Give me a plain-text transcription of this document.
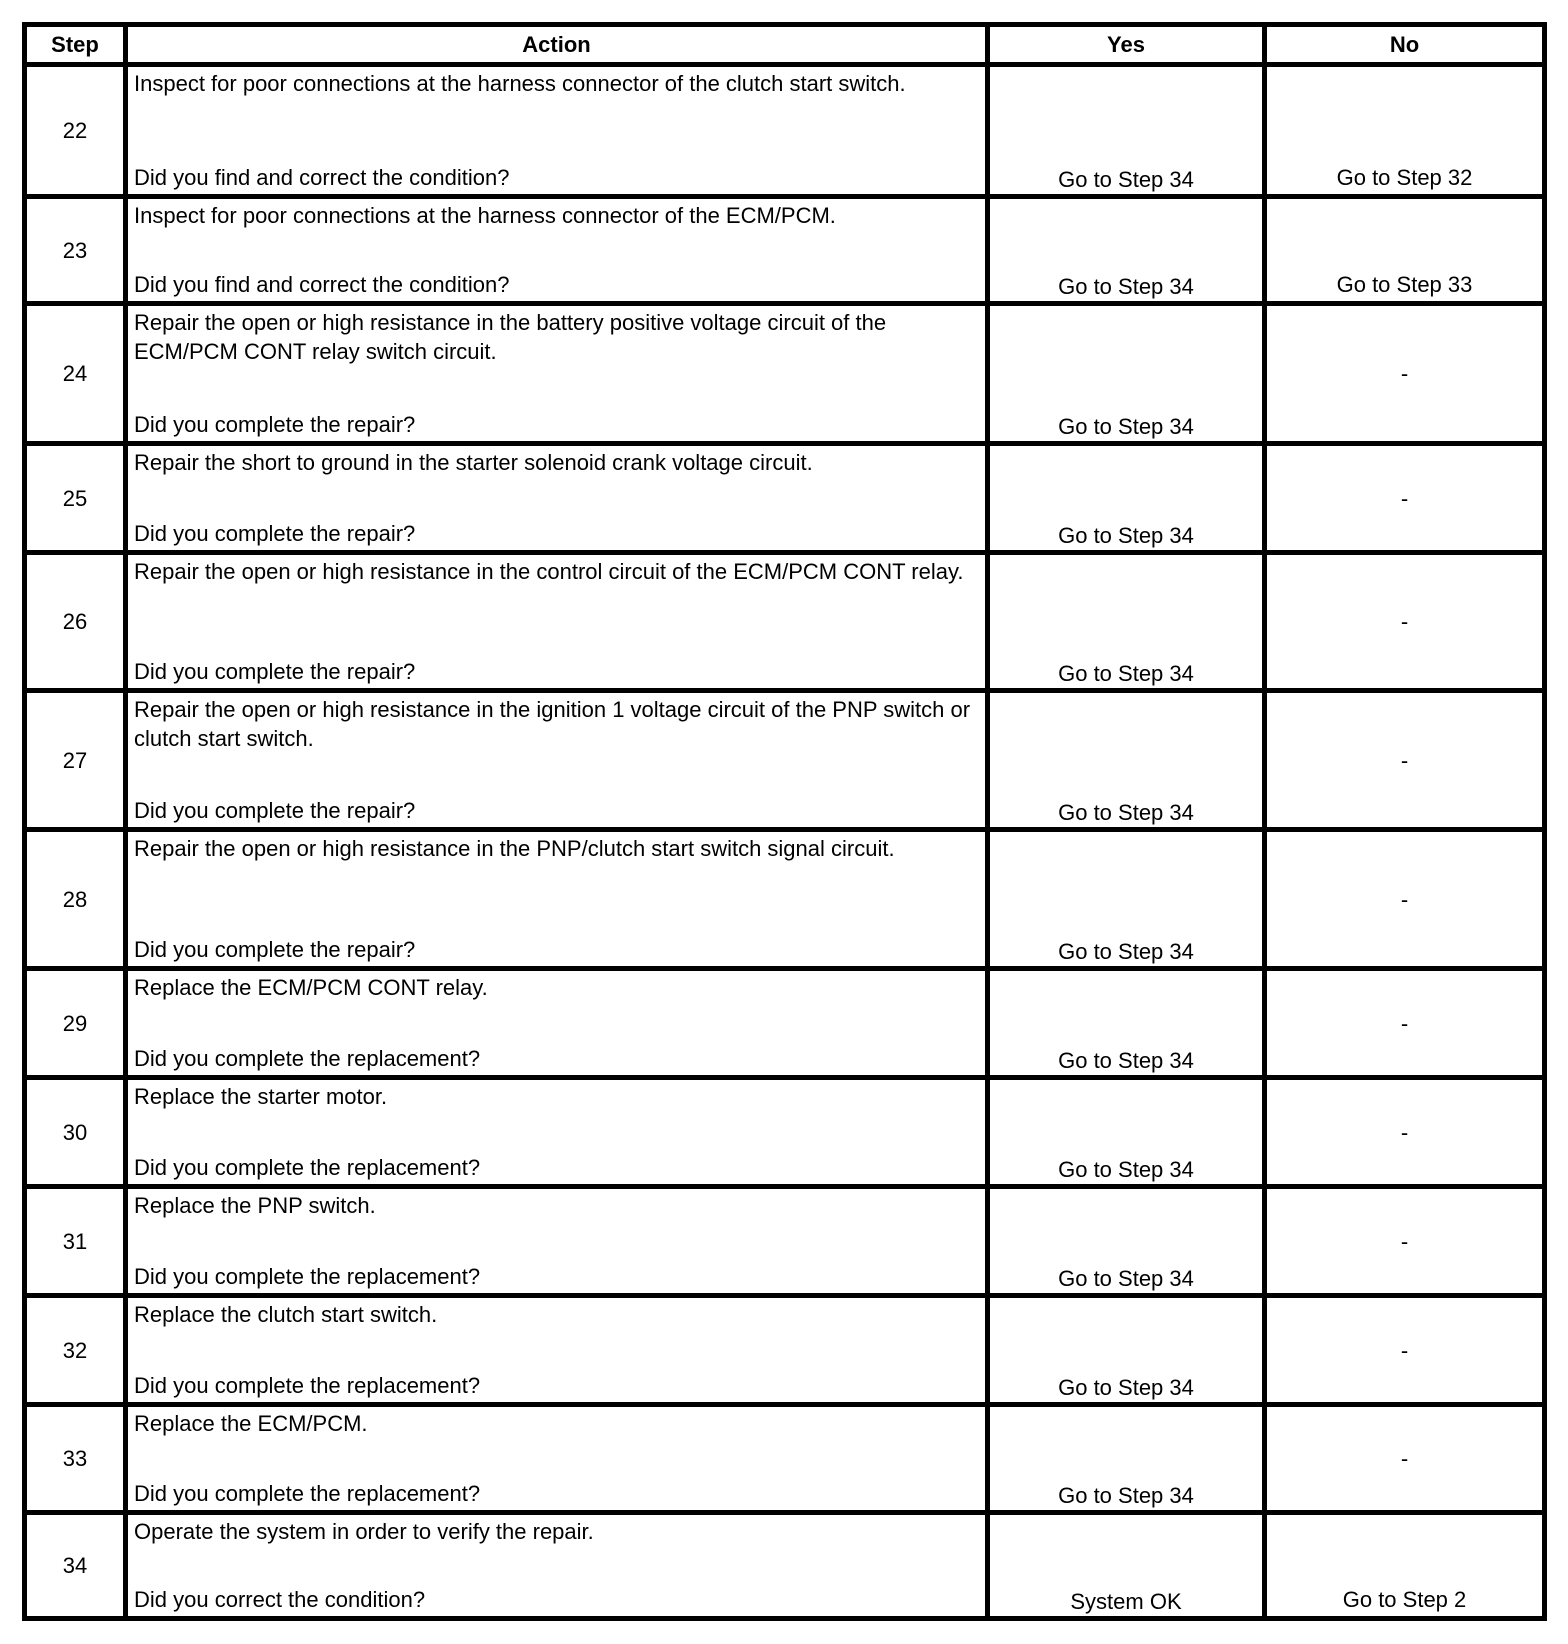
Step	Action	Yes	No
22	Inspect for poor connections at the harness connector of the clutch start switch.
Did you find and correct the condition?	Go to Step 34	Go to Step 32
23	Inspect for poor connections at the harness connector of the ECM/PCM.
Did you find and correct the condition?	Go to Step 34	Go to Step 33
24	Repair the open or high resistance in the battery positive voltage circuit of the ECM/PCM CONT relay switch circuit.
Did you complete the repair?	Go to Step 34	-
25	Repair the short to ground in the starter solenoid crank voltage circuit.
Did you complete the repair?	Go to Step 34	-
26	Repair the open or high resistance in the control circuit of the ECM/PCM CONT relay.
Did you complete the repair?	Go to Step 34	-
27	Repair the open or high resistance in the ignition 1 voltage circuit of the PNP switch or clutch start switch.
Did you complete the repair?	Go to Step 34	-
28	Repair the open or high resistance in the PNP/clutch start switch signal circuit.
Did you complete the repair?	Go to Step 34	-
29	Replace the ECM/PCM CONT relay.
Did you complete the replacement?	Go to Step 34	-
30	Replace the starter motor.
Did you complete the replacement?	Go to Step 34	-
31	Replace the PNP switch.
Did you complete the replacement?	Go to Step 34	-
32	Replace the clutch start switch.
Did you complete the replacement?	Go to Step 34	-
33	Replace the ECM/PCM.
Did you complete the replacement?	Go to Step 34	-
34	Operate the system in order to verify the repair.
Did you correct the condition?	System OK	Go to Step 2
